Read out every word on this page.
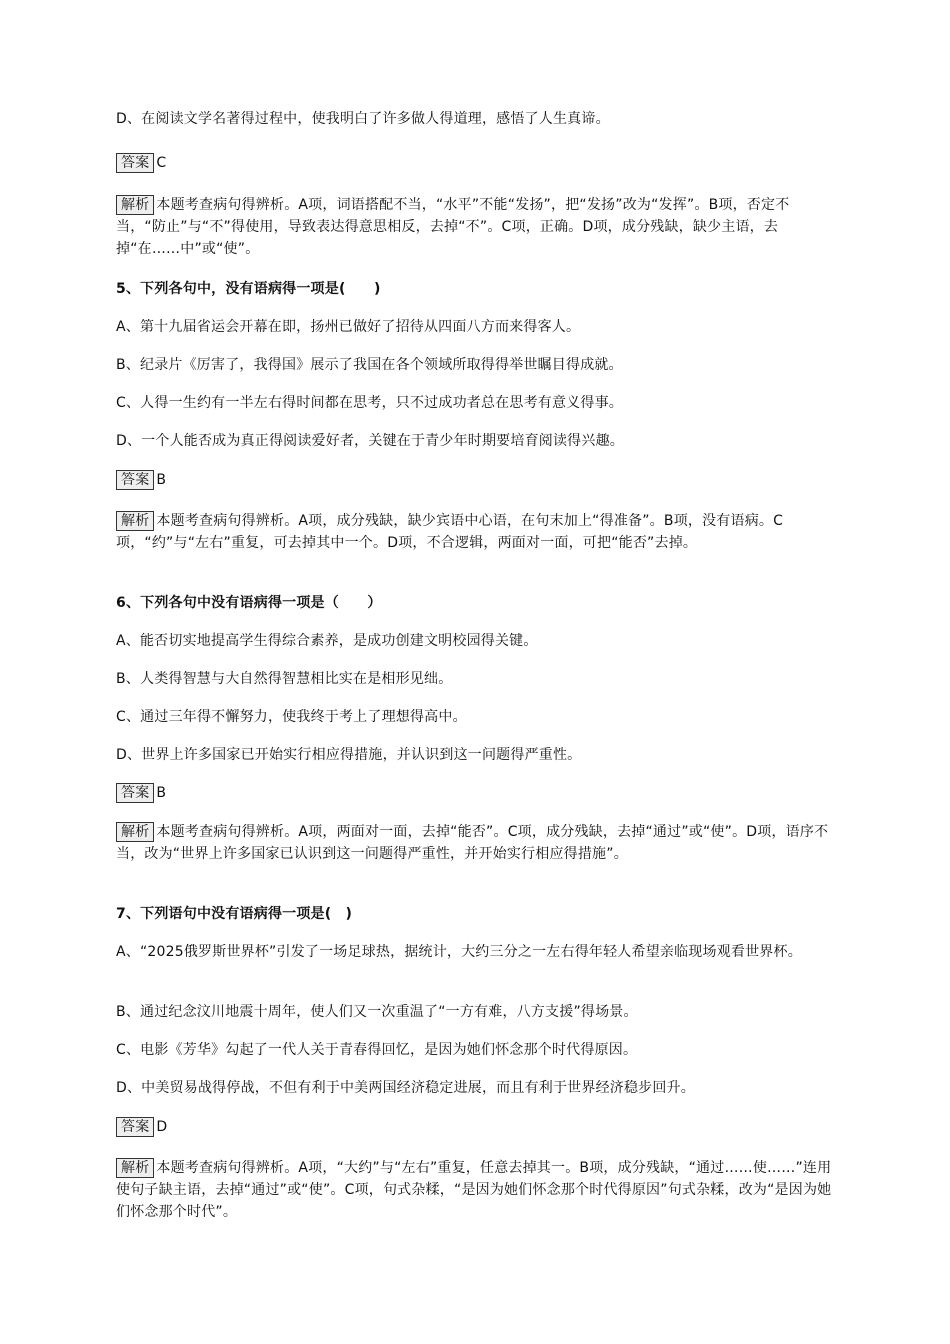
D、在阅读文学名著得过程中，使我明白了许多做人得道理，感悟了人生真谛。

答案 C

解析 本题考查病句得辨析。A项，词语搭配不当，“水平”不能“发扬”，把“发扬”改为“发挥”。B项，否定不当，“防止”与“不”得使用，导致表达得意思相反，去掉“不”。C项，正确。D项，成分残缺，缺少主语，去掉“在……中”或“使”。

5、下列各句中，没有语病得一项是(　　)

A、第十九届省运会开幕在即，扬州已做好了招待从四面八方而来得客人。

B、纪录片《厉害了，我得国》展示了我国在各个领域所取得得举世瞩目得成就。

C、人得一生约有一半左右得时间都在思考，只不过成功者总在思考有意义得事。

D、一个人能否成为真正得阅读爱好者，关键在于青少年时期要培育阅读得兴趣。

答案 B

解析 本题考查病句得辨析。A项，成分残缺，缺少宾语中心语，在句末加上“得准备”。B项，没有语病。C项，“约”与“左右”重复，可去掉其中一个。D项，不合逻辑，两面对一面，可把“能否”去掉。

6、下列各句中没有语病得一项是（　　）

A、能否切实地提高学生得综合素养，是成功创建文明校园得关键。

B、人类得智慧与大自然得智慧相比实在是相形见绌。

C、通过三年得不懈努力，使我终于考上了理想得高中。

D、世界上许多国家已开始实行相应得措施，并认识到这一问题得严重性。

答案 B

解析 本题考查病句得辨析。A项，两面对一面，去掉“能否”。C项，成分残缺，去掉“通过”或“使”。D项，语序不当，改为“世界上许多国家已认识到这一问题得严重性，并开始实行相应得措施”。

7、下列语句中没有语病得一项是(　)

A、“2025俄罗斯世界杯”引发了一场足球热，据统计，大约三分之一左右得年轻人希望亲临现场观看世界杯。

B、通过纪念汶川地震十周年，使人们又一次重温了“一方有难，八方支援”得场景。

C、电影《芳华》勾起了一代人关于青春得回忆，是因为她们怀念那个时代得原因。

D、中美贸易战得停战，不但有利于中美两国经济稳定进展，而且有利于世界经济稳步回升。

答案 D

解析 本题考查病句得辨析。A项，“大约”与“左右”重复，任意去掉其一。B项，成分残缺，“通过……使……”连用使句子缺主语，去掉“通过”或“使”。C项，句式杂糅，“是因为她们怀念那个时代得原因”句式杂糅，改为“是因为她们怀念那个时代”。
